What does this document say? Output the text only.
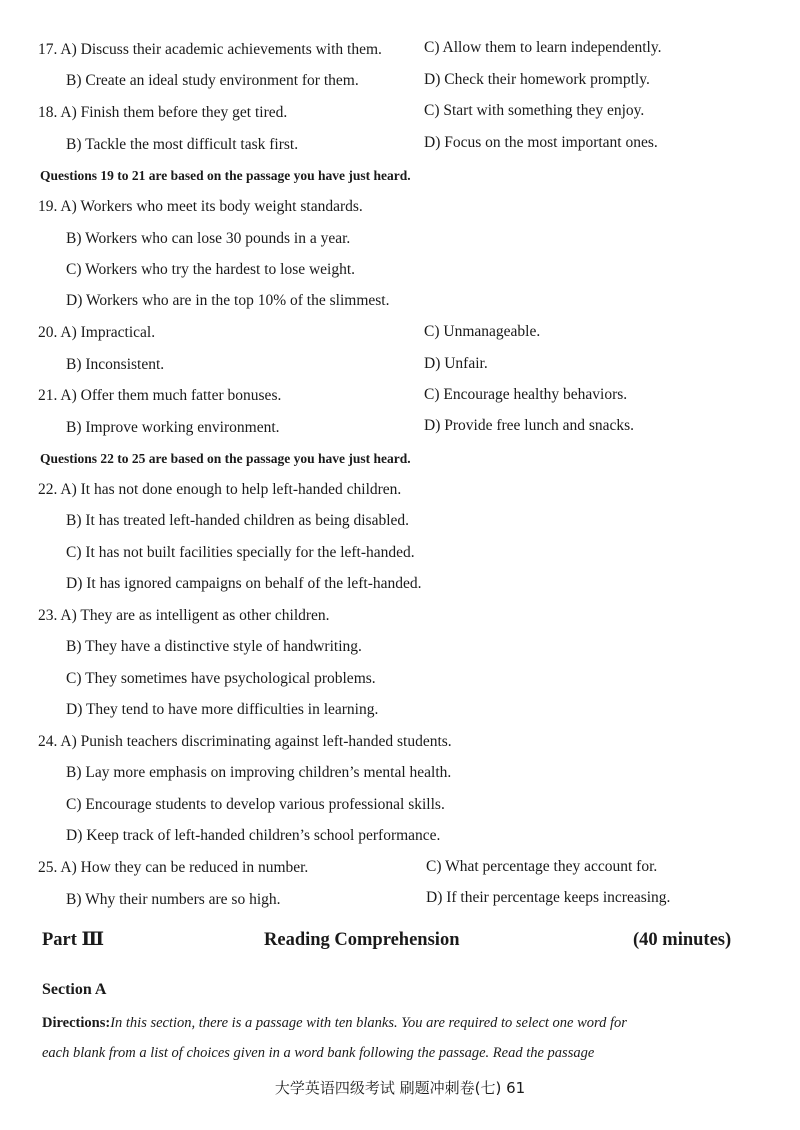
17. A) Discuss their academic achievements with them.	C) Allow them to learn independently.
B) Create an ideal study environment for them.	D) Check their homework promptly.
18. A) Finish them before they get tired.	C) Start with something they enjoy.
B) Tackle the most difficult task first.	D) Focus on the most important ones.
Questions 19 to 21 are based on the passage you have just heard.
19. A) Workers who meet its body weight standards.
B) Workers who can lose 30 pounds in a year.
C) Workers who try the hardest to lose weight.
D) Workers who are in the top 10% of the slimmest.
20. A) Impractical.	C) Unmanageable.
B) Inconsistent.	D) Unfair.
21. A) Offer them much fatter bonuses.	C) Encourage healthy behaviors.
B) Improve working environment.	D) Provide free lunch and snacks.
Questions 22 to 25 are based on the passage you have just heard.
22. A) It has not done enough to help left-handed children.
B) It has treated left-handed children as being disabled.
C) It has not built facilities specially for the left-handed.
D) It has ignored campaigns on behalf of the left-handed.
23. A) They are as intelligent as other children.
B) They have a distinctive style of handwriting.
C) They sometimes have psychological problems.
D) They tend to have more difficulties in learning.
24. A) Punish teachers discriminating against left-handed students.
B) Lay more emphasis on improving children’s mental health.
C) Encourage students to develop various professional skills.
D) Keep track of left-handed children’s school performance.
25. A) How they can be reduced in number.	C) What percentage they account for.
B) Why their numbers are so high.	D) If their percentage keeps increasing.
Part Ⅲ	Reading Comprehension	(40 minutes)
Section A
Directions:In this section, there is a passage with ten blanks. You are required to select one word for
each blank from a list of choices given in a word bank following the passage. Read the passage
大学英语四级考试 刷题冲刺卷(七) 61
